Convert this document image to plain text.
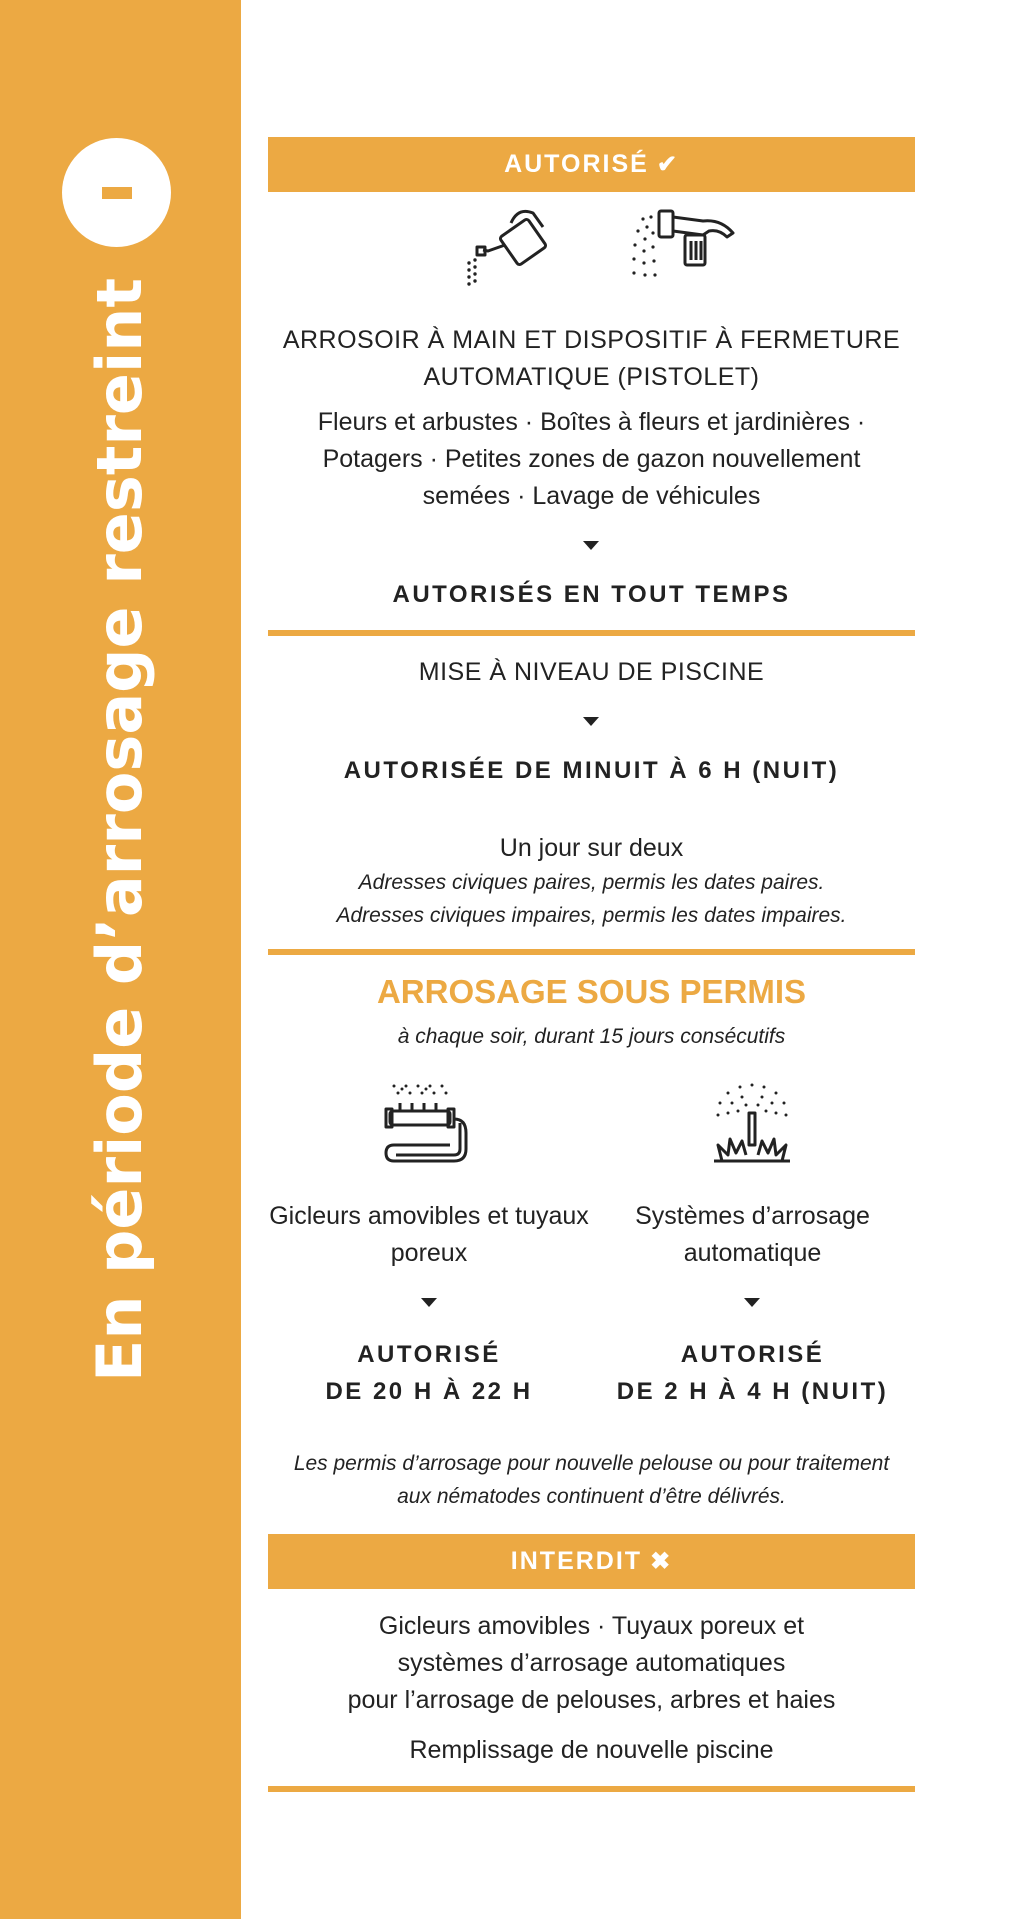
En période d’arrosage restreint
AUTORISÉ ✔
ARROSOIR À MAIN ET DISPOSITIF À FERMETURE AUTOMATIQUE (PISTOLET)
Fleurs et arbustes · Boîtes à fleurs et jardinières · Potagers · Petites zones de gazon nouvellement semées · Lavage de véhicules
AUTORISÉS EN TOUT TEMPS
MISE À NIVEAU DE PISCINE
AUTORISÉE DE MINUIT À 6 H (NUIT)
Un jour sur deux
Adresses civiques paires, permis les dates paires.
Adresses civiques impaires, permis les dates impaires.
ARROSAGE SOUS PERMIS
à chaque soir, durant 15 jours consécutifs
Gicleurs amovibles et tuyaux poreux
Systèmes d’arrosage automatique
AUTORISÉ
DE 20 H À 22 H
AUTORISÉ
DE 2 H À 4 H (NUIT)
Les permis d’arrosage pour nouvelle pelouse ou pour traitement aux nématodes continuent d’être délivrés.
INTERDIT ✖
Gicleurs amovibles · Tuyaux poreux et
systèmes d’arrosage automatiques
pour l’arrosage de pelouses, arbres et haies
Remplissage de nouvelle piscine
